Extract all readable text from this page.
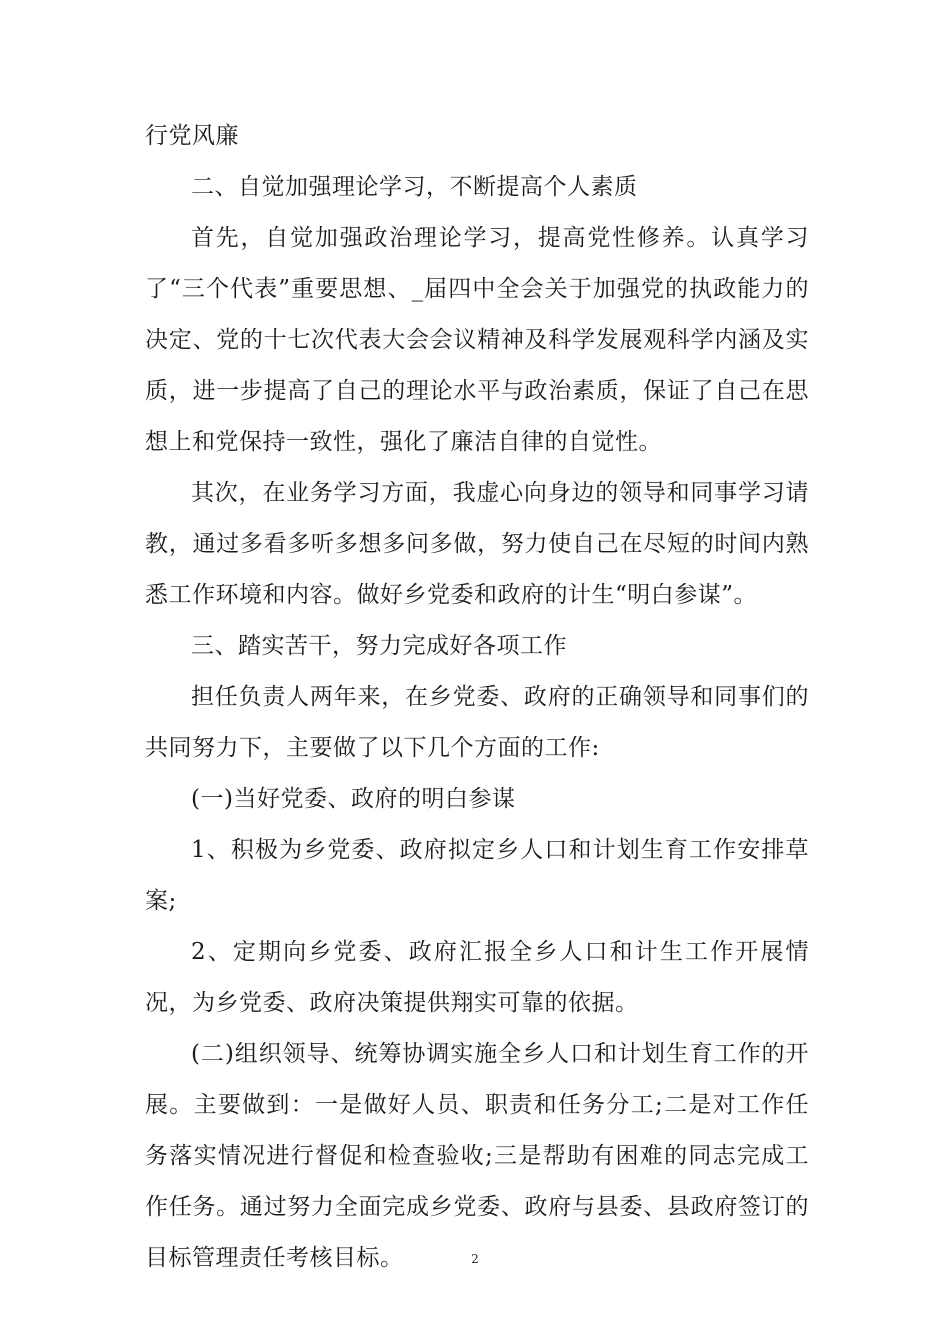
行党风廉

二、自觉加强理论学习，不断提高个人素质

首先，自觉加强政治理论学习，提高党性修养。认真学习了“三个代表”重要思想、_届四中全会关于加强党的执政能力的决定、党的十七次代表大会会议精神及科学发展观科学内涵及实质，进一步提高了自己的理论水平与政治素质，保证了自己在思想上和党保持一致性，强化了廉洁自律的自觉性。

其次，在业务学习方面，我虚心向身边的领导和同事学习请教，通过多看多听多想多问多做，努力使自己在尽短的时间内熟悉工作环境和内容。做好乡党委和政府的计生“明白参谋”。

三、踏实苦干，努力完成好各项工作

担任负责人两年来，在乡党委、政府的正确领导和同事们的共同努力下，主要做了以下几个方面的工作:

(一)当好党委、政府的明白参谋

1、积极为乡党委、政府拟定乡人口和计划生育工作安排草案;

2、定期向乡党委、政府汇报全乡人口和计生工作开展情况，为乡党委、政府决策提供翔实可靠的依据。

(二)组织领导、统筹协调实施全乡人口和计划生育工作的开展。主要做到：一是做好人员、职责和任务分工;二是对工作任务落实情况进行督促和检查验收;三是帮助有困难的同志完成工作任务。通过努力全面完成乡党委、政府与县委、县政府签订的目标管理责任考核目标。	2
